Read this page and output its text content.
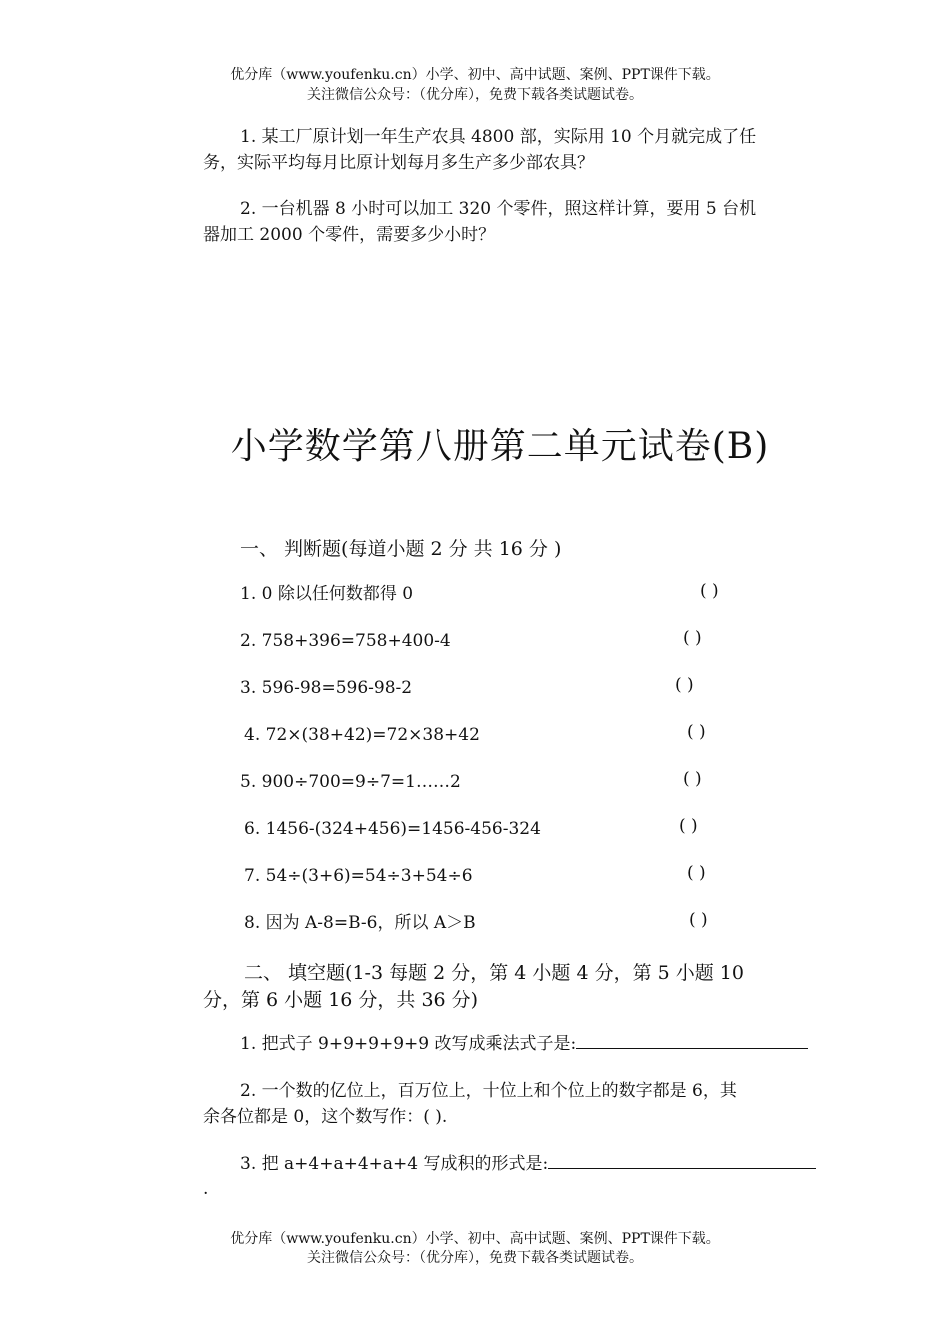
优分库（www.youfenku.cn）小学、初中、高中试题、案例、PPT课件下载。
关注微信公众号：（优分库），免费下载各类试题试卷。
1. 某工厂原计划一年生产农具 4800 部，实际用 10 个月就完成了任
务，实际平均每月比原计划每月多生产多少部农具？
2. 一台机器 8 小时可以加工 320 个零件，照这样计算，要用 5 台机
器加工 2000 个零件，需要多少小时？
小学数学第八册第二单元试卷(B)
一、 判断题(每道小题 2 分 共 16 分 )
1. 0 除以任何数都得 0	( )
2. 758+396=758+400-4	( )
3. 596-98=596-98-2	( )
4. 72×(38+42)=72×38+42	( )
5. 900÷700=9÷7=1……2	( )
6. 1456-(324+456)=1456-456-324	( )
7. 54÷(3+6)=54÷3+54÷6	( )
8. 因为 A-8=B-6，所以 A＞B	( )
二、 填空题(1-3 每题 2 分，第 4 小题 4 分，第 5 小题 10
分，第 6 小题 16 分，共 36 分)
1. 把式子 9+9+9+9+9 改写成乘法式子是:
2. 一个数的亿位上，百万位上，十位上和个位上的数字都是 6，其
余各位都是 0，这个数写作：( ).
3. 把 a+4+a+4+a+4 写成积的形式是:
.
优分库（www.youfenku.cn）小学、初中、高中试题、案例、PPT课件下载。
关注微信公众号：（优分库），免费下载各类试题试卷。
